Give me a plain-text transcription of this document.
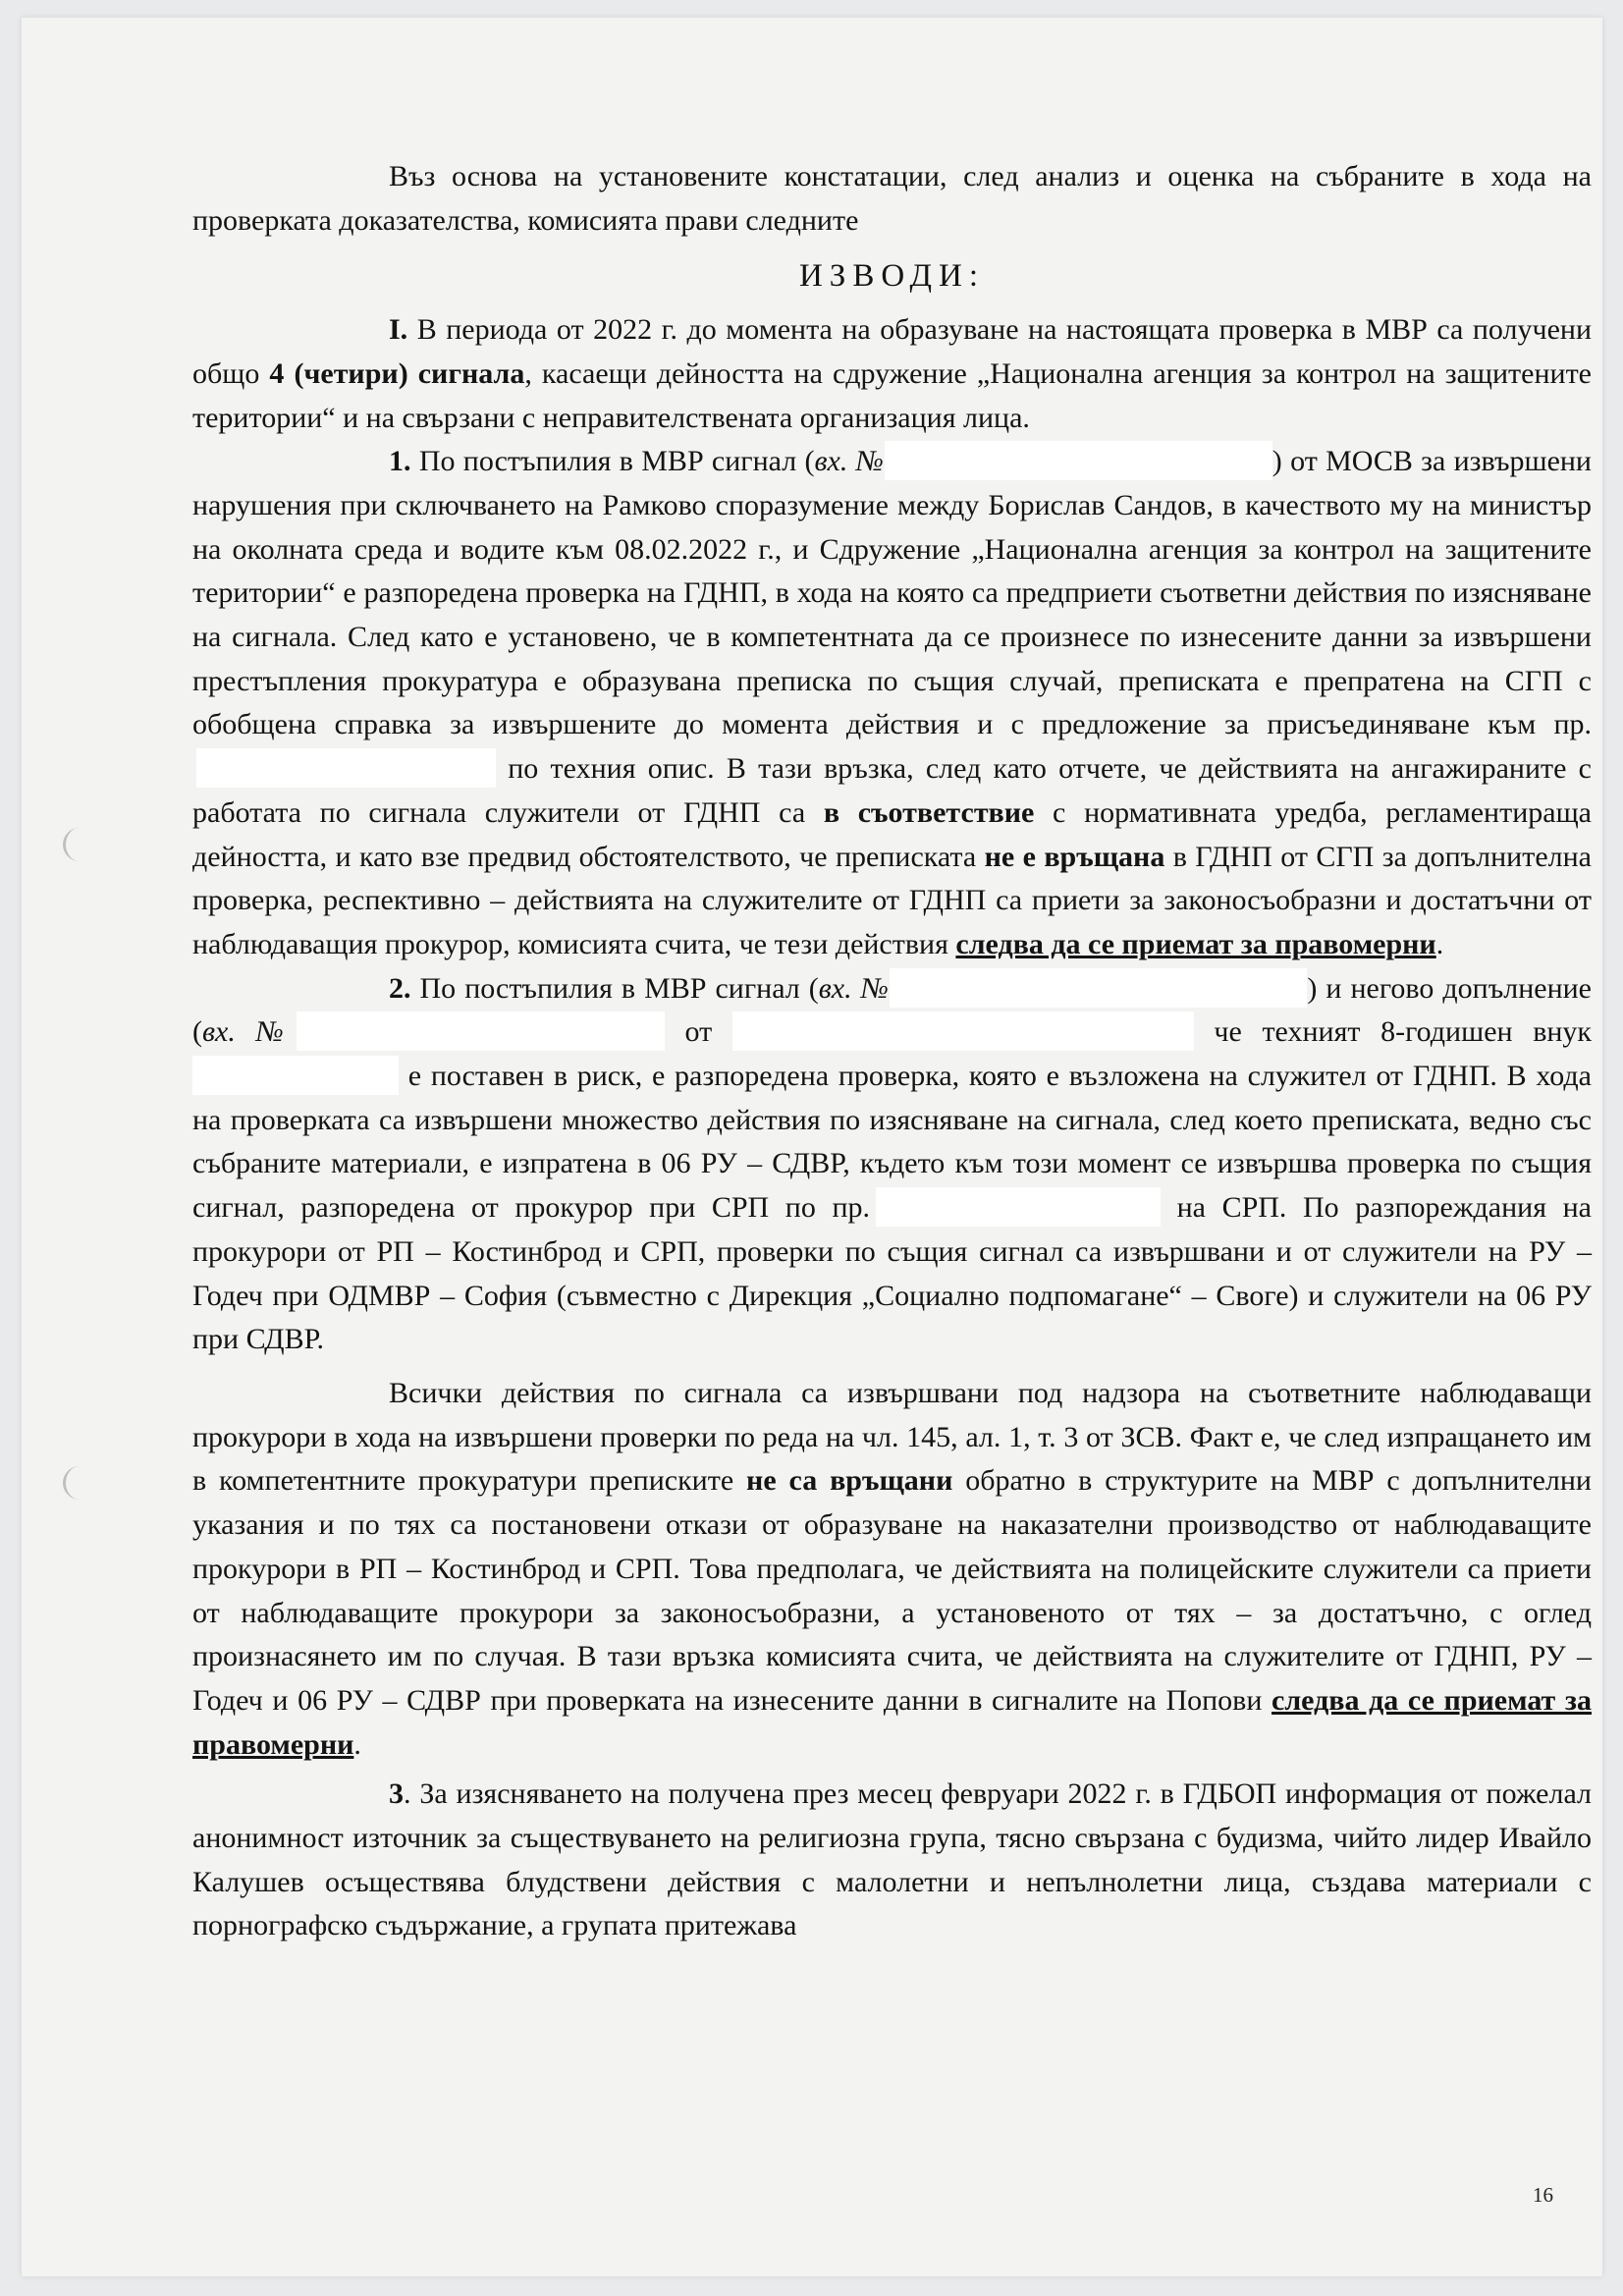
Въз основа на установените констатации, след анализ и оценка на събраните в хода на проверката доказателства, комисията прави следните

ИЗВОДИ:

I. В периода от 2022 г. до момента на образуване на настоящата проверка в МВР са получени общо 4 (четири) сигнала, касаещи дейността на сдружение „Национална агенция за контрол на защитените територии“ и на свързани с неправителствената организация лица.

1. По постъпилия в МВР сигнал (вх. №	) от МОСВ за извършени нарушения при сключването на Рамково споразумение между Борислав Сандов, в качеството му на министър на околната среда и водите към 08.02.2022 г., и Сдружение „Национална агенция за контрол на защитените територии“ е разпоредена проверка на ГДНП, в хода на която са предприети съответни действия по изясняване на сигнала. След като е установено, че в компетентната да се произнесе по изнесените данни за извършени престъпления прокуратура е образувана преписка по същия случай, преписката е препратена на СГП с обобщена справка за извършените до момента действия и с предложение за присъединяване към пр. по техния опис. В тази връзка, след като отчете, че действията на ангажираните с работата по сигнала служители от ГДНП са в съответствие с нормативната уредба, регламентираща дейността, и като взе предвид обстоятелството, че преписката не е връщана в ГДНП от СГП за допълнителна проверка, респективно – действията на служителите от ГДНП са приети за законосъобразни и достатъчни от наблюдаващия прокурор, комисията счита, че тези действия следва да се приемат за правомерни.

2. По постъпилия в МВР сигнал (вх. №	) и негово допълнение (вх. №	от	че техният 8-годишен внук  е поставен в риск, е разпоредена проверка, която е възложена на служител от ГДНП. В хода на проверката са извършени множество действия по изясняване на сигнала, след което преписката, ведно със събраните материали, е изпратена в 06 РУ – СДВР, където към този момент се извършва проверка по същия сигнал, разпоредена от прокурор при СРП по пр.	на СРП. По разпореждания на прокурори от РП – Костинброд и СРП, проверки по същия сигнал са извършвани и от служители на РУ – Годеч при ОДМВР – София (съвместно с Дирекция „Социално подпомагане“ – Своге) и служители на 06 РУ при СДВР.

Всички действия по сигнала са извършвани под надзора на съответните наблюдаващи прокурори в хода на извършени проверки по реда на чл. 145, ал. 1, т. 3 от ЗСВ. Факт е, че след изпращането им в компетентните прокуратури преписките не са връщани обратно в структурите на МВР с допълнителни указания и по тях са постановени откази от образуване на наказателни производство от наблюдаващите прокурори в РП – Костинброд и СРП. Това предполага, че действията на полицейските служители са приети от наблюдаващите прокурори за законосъобразни, а установеното от тях – за достатъчно, с оглед произнасянето им по случая. В тази връзка комисията счита, че действията на служителите от ГДНП, РУ – Годеч и 06 РУ – СДВР при проверката на изнесените данни в сигналите на Попови следва да се приемат за правомерни.

3. За изясняването на получена през месец февруари 2022 г. в ГДБОП информация от пожелал анонимност източник за съществуването на религиозна група, тясно свързана с будизма, чийто лидер Ивайло Калушев осъществява блудствени действия с малолетни и непълнолетни лица, създава материали с порнографско съдържание, а групата притежава

16
